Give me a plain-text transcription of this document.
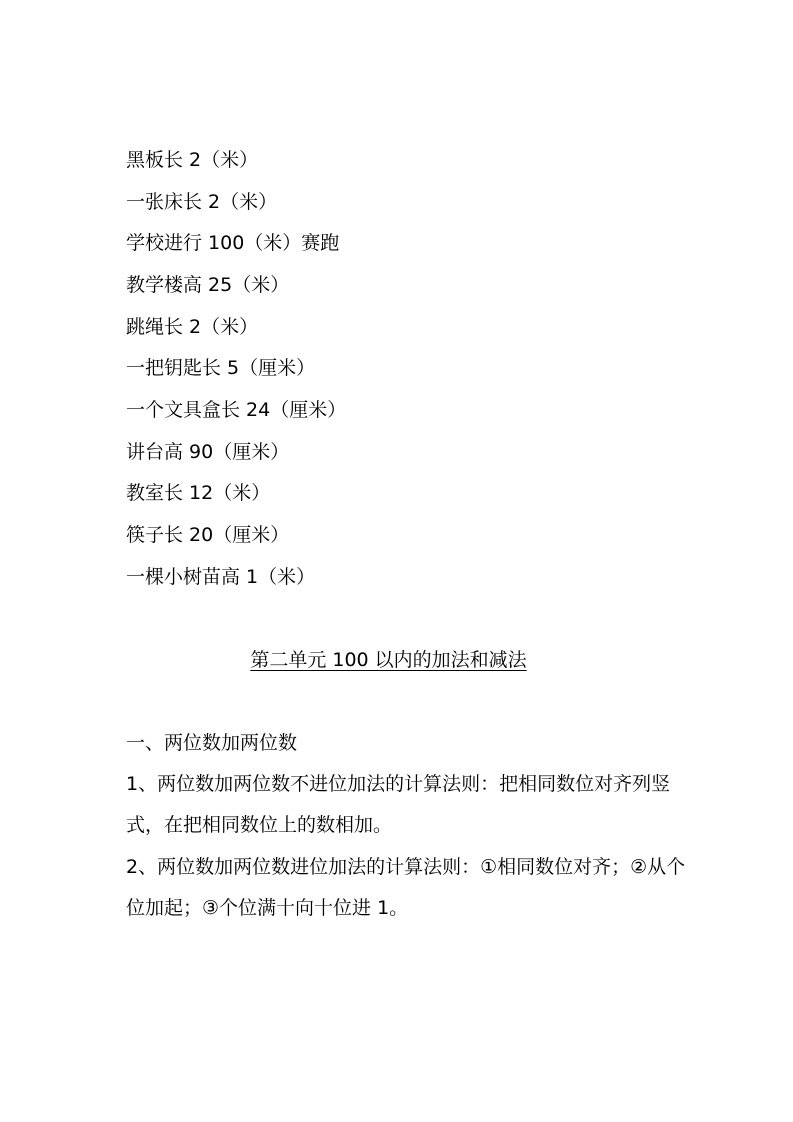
黑板长 2（米）
一张床长 2（米）
学校进行 100（米）赛跑
教学楼高 25（米）
跳绳长 2（米）
一把钥匙长 5（厘米）
一个文具盒长 24（厘米）
讲台高 90（厘米）
教室长 12（米）
筷子长 20（厘米）
一棵小树苗高 1（米）
第二单元 100 以内的加法和减法
一、两位数加两位数
1、两位数加两位数不进位加法的计算法则：把相同数位对齐列竖式，在把相同数位上的数相加。
2、两位数加两位数进位加法的计算法则：①相同数位对齐；②从个位加起；③个位满十向十位进 1。
